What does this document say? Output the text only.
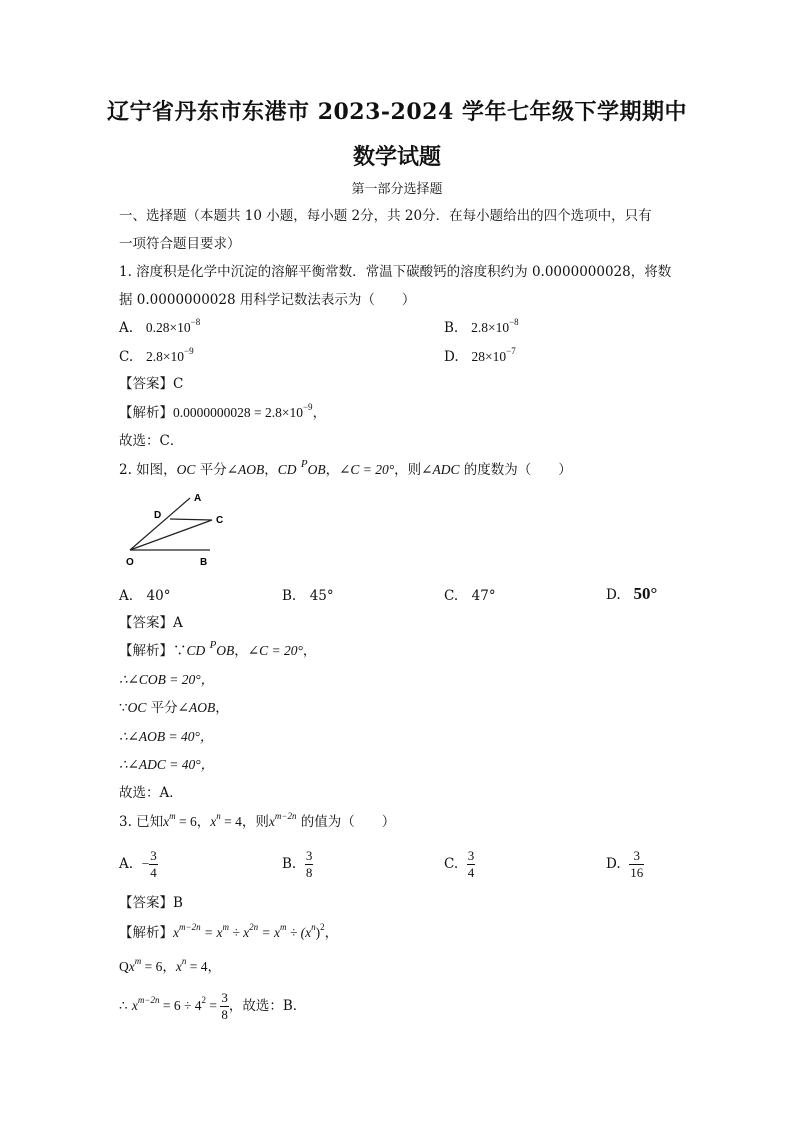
辽宁省丹东市东港市 2023-2024 学年七年级下学期期中
数学试题
第一部分选择题
一、选择题（本题共 10 小题，每小题 2分，共 20分．在每小题给出的四个选项中，只有
一项符合题目要求）
1. 溶度积是化学中沉淀的溶解平衡常数．常温下碳酸钙的溶度积约为 0.0000000028，将数
据 0.0000000028 用科学记数法表示为（　　）
A. $0.28\times 10^{-8}$	B. $2.8\times 10^{-8}$
C. $2.8\times 10^{-9}$	D. $28\times 10^{-7}$
【答案】C
【解析】$0.0000000028 = 2.8\times 10^{-9}$，
故选：C．
2. 如图，OC 平分∠AOB，CD $^P$OB，∠C = 20°，则∠ADC 的度数为（　　）
A
D	C
O	B
A.　40°	B.　45°	C.　47°	D. 50°
【答案】A
【解析】∵CD $^P$OB，∠C = 20°，
∴∠COB = 20°，
∵OC 平分∠AOB，
∴∠AOB = 40°，
∴∠ADC = 40°，
故选：A．
3. 已知$x^m = 6$，$x^n = 4$，则$x^{m-2n}$ 的值为（　　）
A. − $\frac{3}{4}$	B. $\frac{3}{8}$	C. $\frac{3}{4}$	D. $\frac{3}{16}$
【答案】B
【解析】$x^{m-2n} = x^m \div x^{2n} = x^m \div (x^n)^2$，
$Qx^m = 6$，$x^n = 4$，
∴ $x^{m-2n} = 6 \div 4^2 = \frac{3}{8}$ ，故选：B．
